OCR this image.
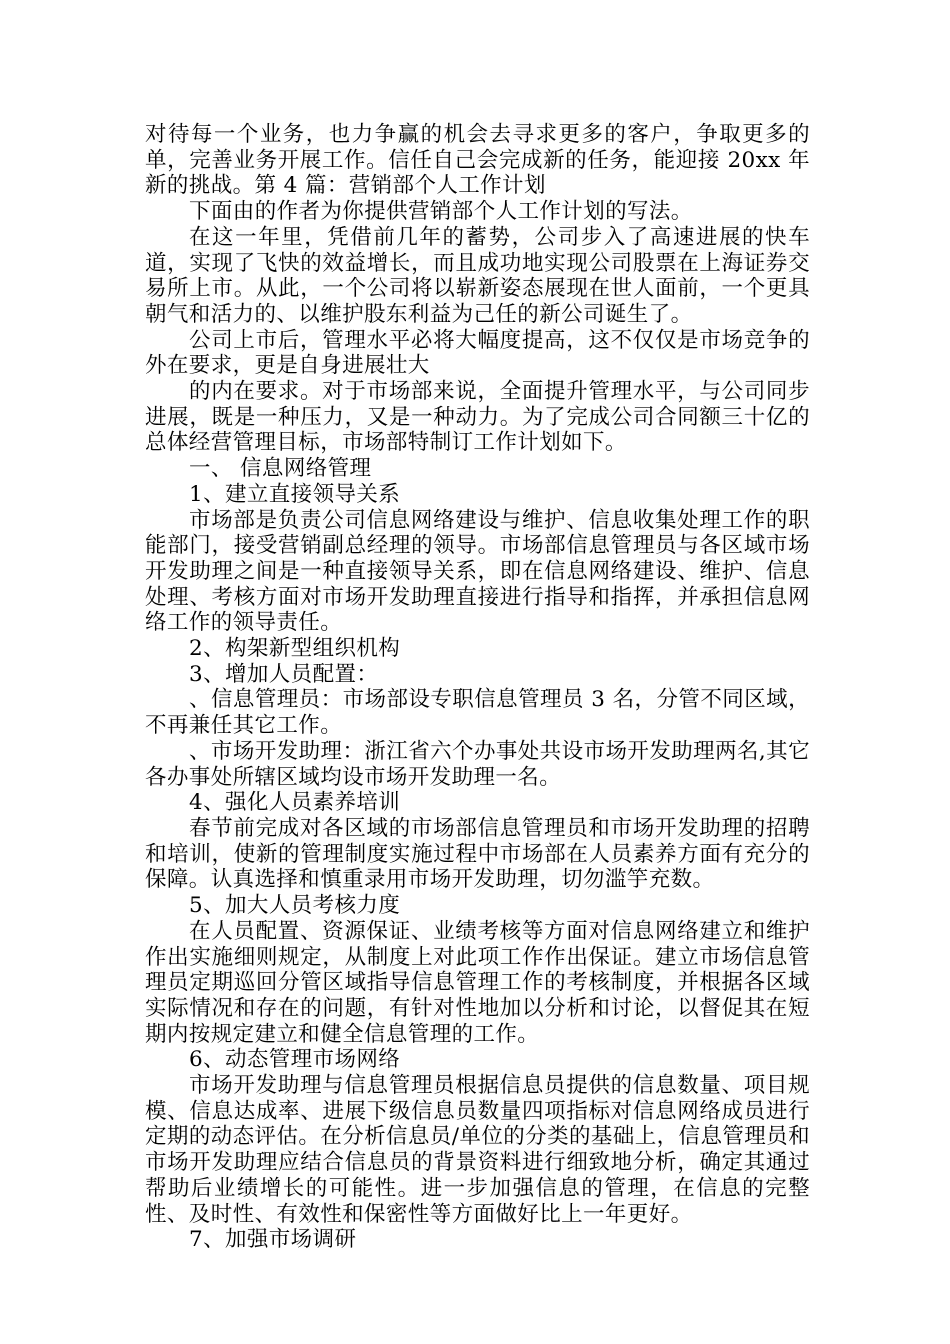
对待每一个业务，也力争赢的机会去寻求更多的客户，争取更多的单，完善业务开展工作。信任自己会完成新的任务，能迎接 20xx 年新的挑战。第 4 篇：营销部个人工作计划

下面由的作者为你提供营销部个人工作计划的写法。

在这一年里，凭借前几年的蓄势，公司步入了高速进展的快车道，实现了飞快的效益增长，而且成功地实现公司股票在上海证券交易所上市。从此，一个公司将以崭新姿态展现在世人面前，一个更具朝气和活力的、以维护股东利益为己任的新公司诞生了。

公司上市后，管理水平必将大幅度提高，这不仅仅是市场竞争的外在要求，更是自身进展壮大

的内在要求。对于市场部来说，全面提升管理水平，与公司同步进展，既是一种压力，又是一种动力。为了完成公司合同额三十亿的总体经营管理目标，市场部特制订工作计划如下。

一、 信息网络管理

1、建立直接领导关系

市场部是负责公司信息网络建设与维护、信息收集处理工作的职能部门，接受营销副总经理的领导。市场部信息管理员与各区域市场开发助理之间是一种直接领导关系，即在信息网络建设、维护、信息处理、考核方面对市场开发助理直接进行指导和指挥，并承担信息网络工作的领导责任。

2、构架新型组织机构

3、增加人员配置：

、信息管理员：市场部设专职信息管理员 3 名，分管不同区域，不再兼任其它工作。

、市场开发助理：浙江省六个办事处共设市场开发助理两名,其它各办事处所辖区域均设市场开发助理一名。

4、强化人员素养培训

春节前完成对各区域的市场部信息管理员和市场开发助理的招聘和培训，使新的管理制度实施过程中市场部在人员素养方面有充分的保障。认真选择和慎重录用市场开发助理，切勿滥竽充数。

5、加大人员考核力度

在人员配置、资源保证、业绩考核等方面对信息网络建立和维护作出实施细则规定，从制度上对此项工作作出保证。建立市场信息管理员定期巡回分管区域指导信息管理工作的考核制度，并根据各区域实际情况和存在的问题，有针对性地加以分析和讨论，以督促其在短期内按规定建立和健全信息管理的工作。

6、动态管理市场网络

市场开发助理与信息管理员根据信息员提供的信息数量、项目规模、信息达成率、进展下级信息员数量四项指标对信息网络成员进行定期的动态评估。在分析信息员/单位的分类的基础上，信息管理员和市场开发助理应结合信息员的背景资料进行细致地分析，确定其通过帮助后业绩增长的可能性。进一步加强信息的管理，在信息的完整性、及时性、有效性和保密性等方面做好比上一年更好。

7、加强市场调研
